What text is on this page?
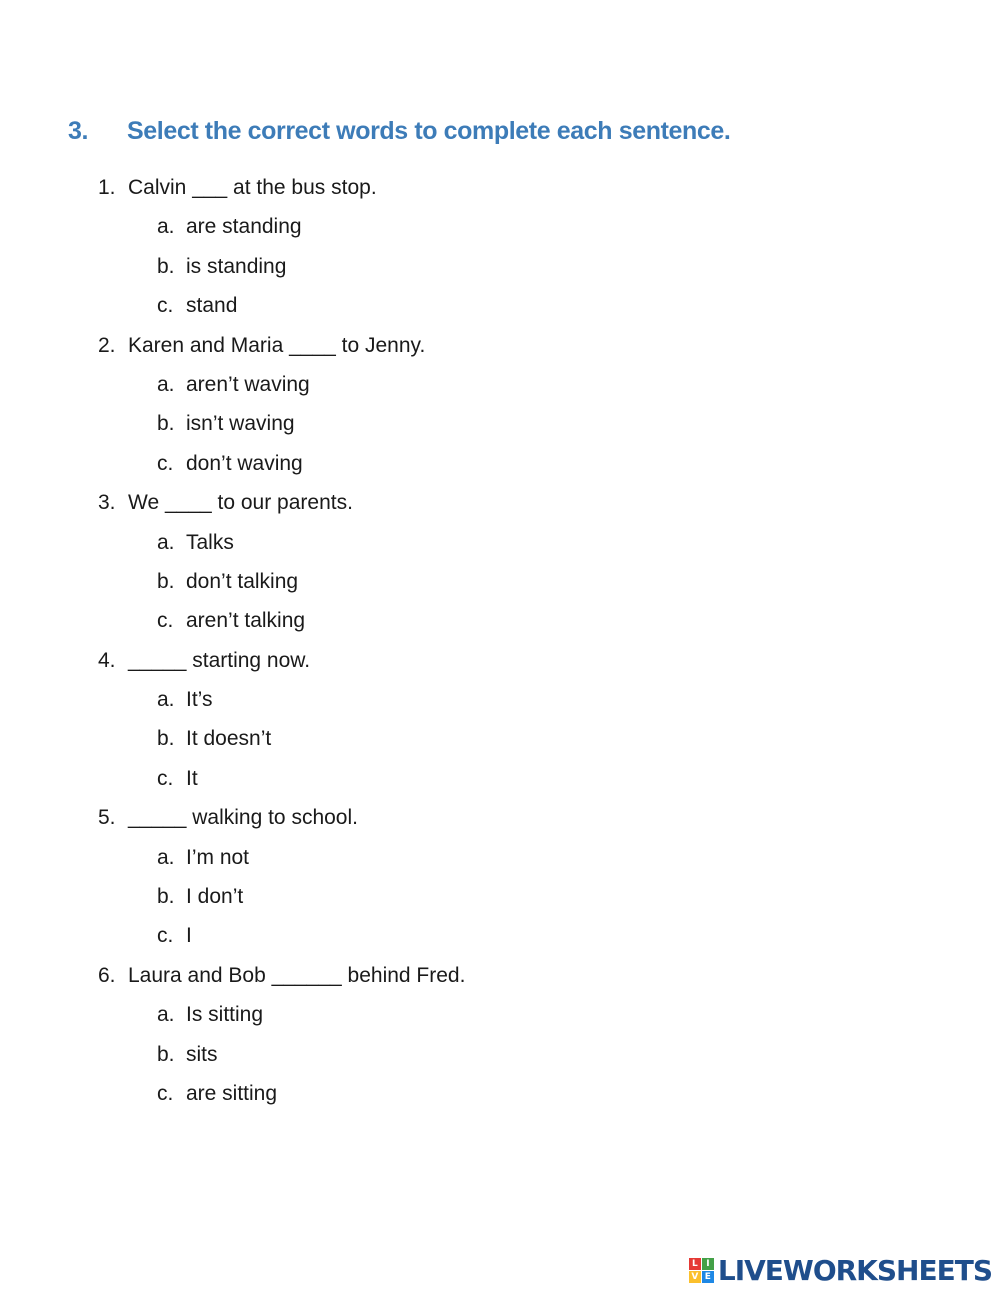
3. Select the correct words to complete each sentence.
1. Calvin ___ at the bus stop.
a. are standing
b. is standing
c. stand
2. Karen and Maria ____ to Jenny.
a. aren’t waving
b. isn’t waving
c. don’t waving
3. We ____ to our parents.
a. Talks
b. don’t talking
c. aren’t talking
4. _____ starting now.
a. It’s
b. It doesn’t
c. It
5. _____ walking to school.
a. I’m not
b. I don’t
c. I
6. Laura and Bob ______ behind Fred.
a. Is sitting
b. sits
c. are sitting
L I
V E LIVEWORKSHEETS
